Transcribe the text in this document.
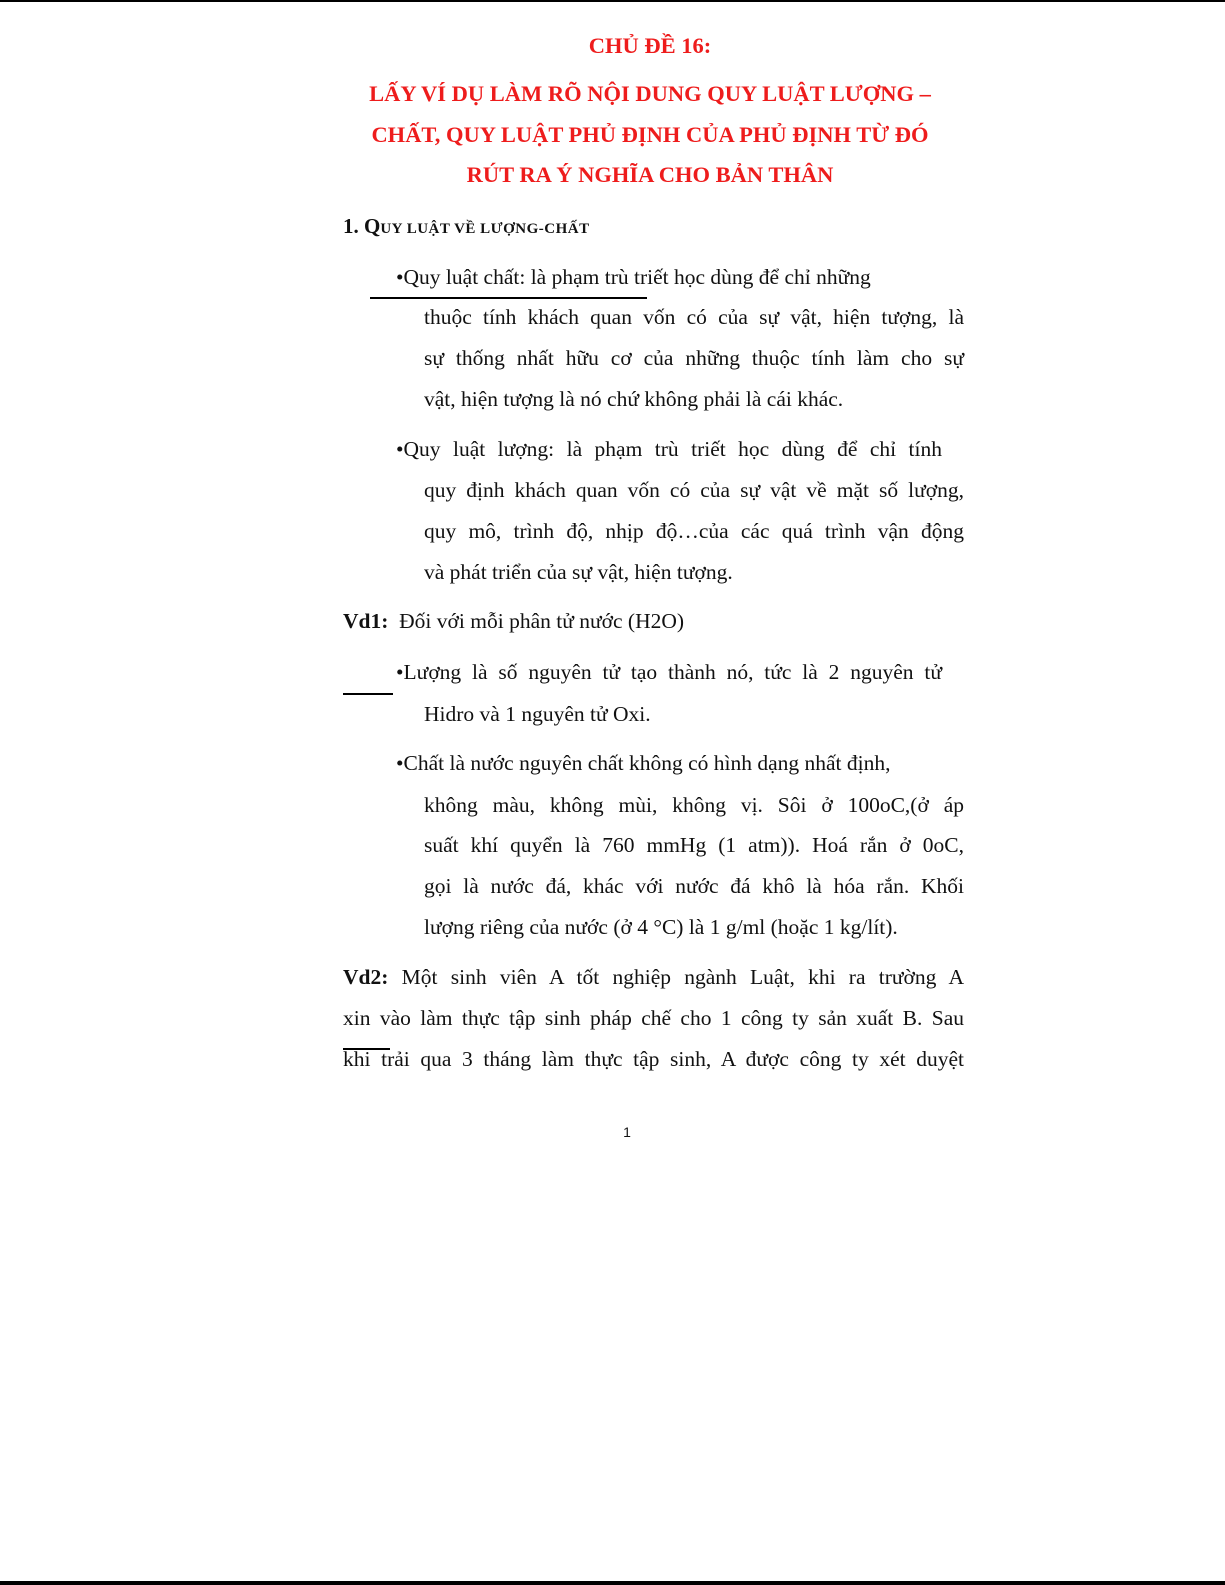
CHỦ ĐỀ 16:
LẤY VÍ DỤ LÀM RÕ NỘI DUNG QUY LUẬT LƯỢNG –
CHẤT, QUY LUẬT PHỦ ĐỊNH CỦA PHỦ ĐỊNH TỪ ĐÓ
RÚT RA Ý NGHĨA CHO BẢN THÂN
1. QUY LUẬT VỀ LƯỢNG-CHẤT
•Quy luật chất: là phạm trù triết học dùng để chỉ những
thuộc tính khách quan vốn có của sự vật, hiện tượng, là
sự thống nhất hữu cơ của những thuộc tính làm cho sự
vật, hiện tượng là nó chứ không phải là cái khác.
•Quy luật lượng: là phạm trù triết học dùng để chỉ tính
quy định khách quan vốn có của sự vật về mặt số lượng,
quy mô, trình độ, nhịp độ…của các quá trình vận động
và phát triển của sự vật, hiện tượng.
Vd1: Đối với mỗi phân tử nước (H2O)
•Lượng là số nguyên tử tạo thành nó, tức là 2 nguyên tử
Hidro và 1 nguyên tử Oxi.
•Chất là nước nguyên chất không có hình dạng nhất định,
không màu, không mùi, không vị. Sôi ở 100oC,(ở áp
suất khí quyển là 760 mmHg (1 atm)). Hoá rắn ở 0oC,
gọi là nước đá, khác với nước đá khô là hóa rắn. Khối
lượng riêng của nước (ở 4 °C) là 1 g/ml (hoặc 1 kg/lít).
Vd2: Một sinh viên A tốt nghiệp ngành Luật, khi ra trường A
xin vào làm thực tập sinh pháp chế cho 1 công ty sản xuất B. Sau
khi trải qua 3 tháng làm thực tập sinh, A được công ty xét duyệt
1
